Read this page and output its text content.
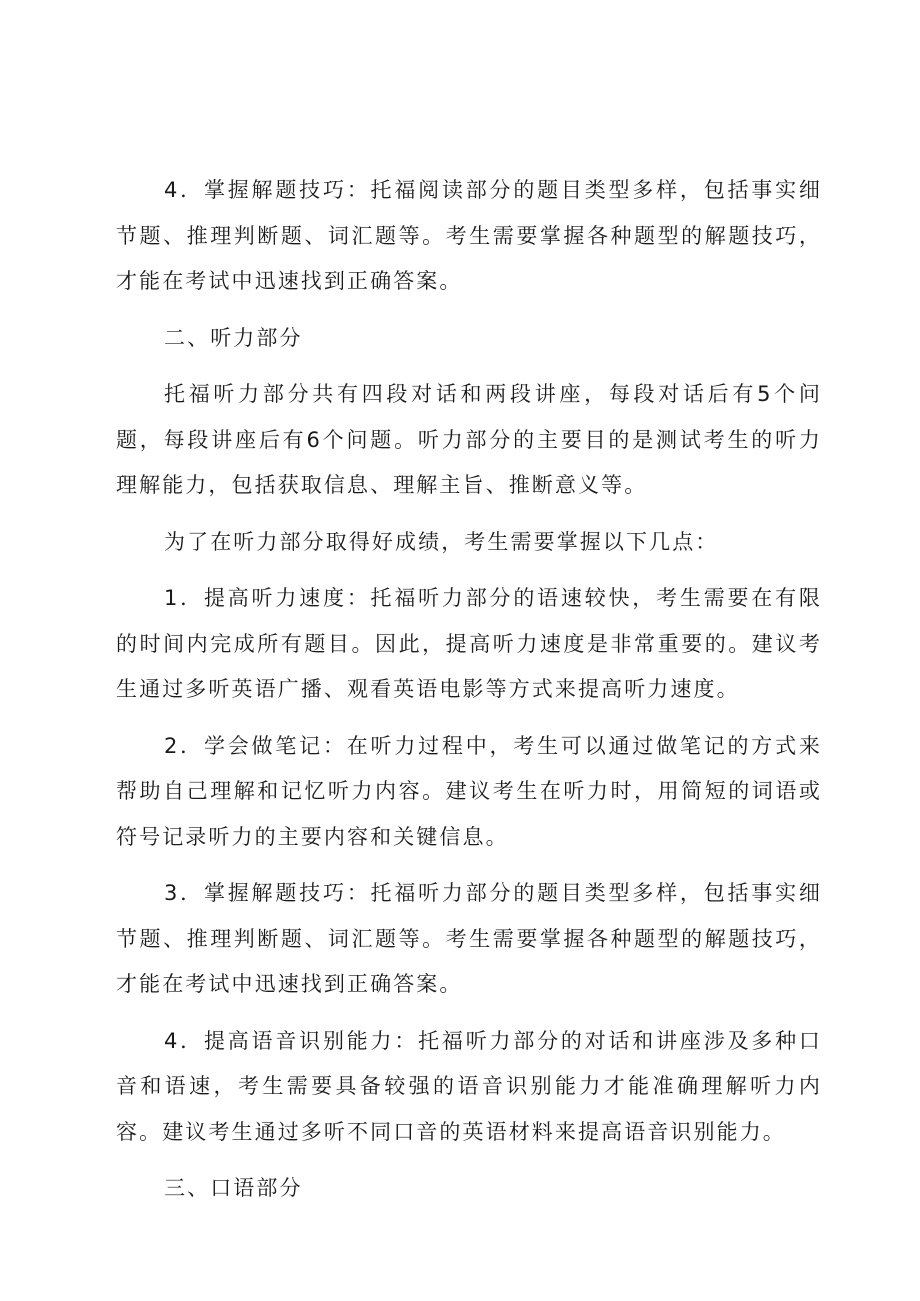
4．掌握解题技巧：托福阅读部分的题目类型多样，包括事实细节题、推理判断题、词汇题等。考生需要掌握各种题型的解题技巧，才能在考试中迅速找到正确答案。

二、听力部分

托福听力部分共有四段对话和两段讲座，每段对话后有5个问题，每段讲座后有6个问题。听力部分的主要目的是测试考生的听力理解能力，包括获取信息、理解主旨、推断意义等。

为了在听力部分取得好成绩，考生需要掌握以下几点：

1．提高听力速度：托福听力部分的语速较快，考生需要在有限的时间内完成所有题目。因此，提高听力速度是非常重要的。建议考生通过多听英语广播、观看英语电影等方式来提高听力速度。

2．学会做笔记：在听力过程中，考生可以通过做笔记的方式来帮助自己理解和记忆听力内容。建议考生在听力时，用简短的词语或符号记录听力的主要内容和关键信息。

3．掌握解题技巧：托福听力部分的题目类型多样，包括事实细节题、推理判断题、词汇题等。考生需要掌握各种题型的解题技巧，才能在考试中迅速找到正确答案。

4．提高语音识别能力：托福听力部分的对话和讲座涉及多种口音和语速，考生需要具备较强的语音识别能力才能准确理解听力内容。建议考生通过多听不同口音的英语材料来提高语音识别能力。

三、口语部分
